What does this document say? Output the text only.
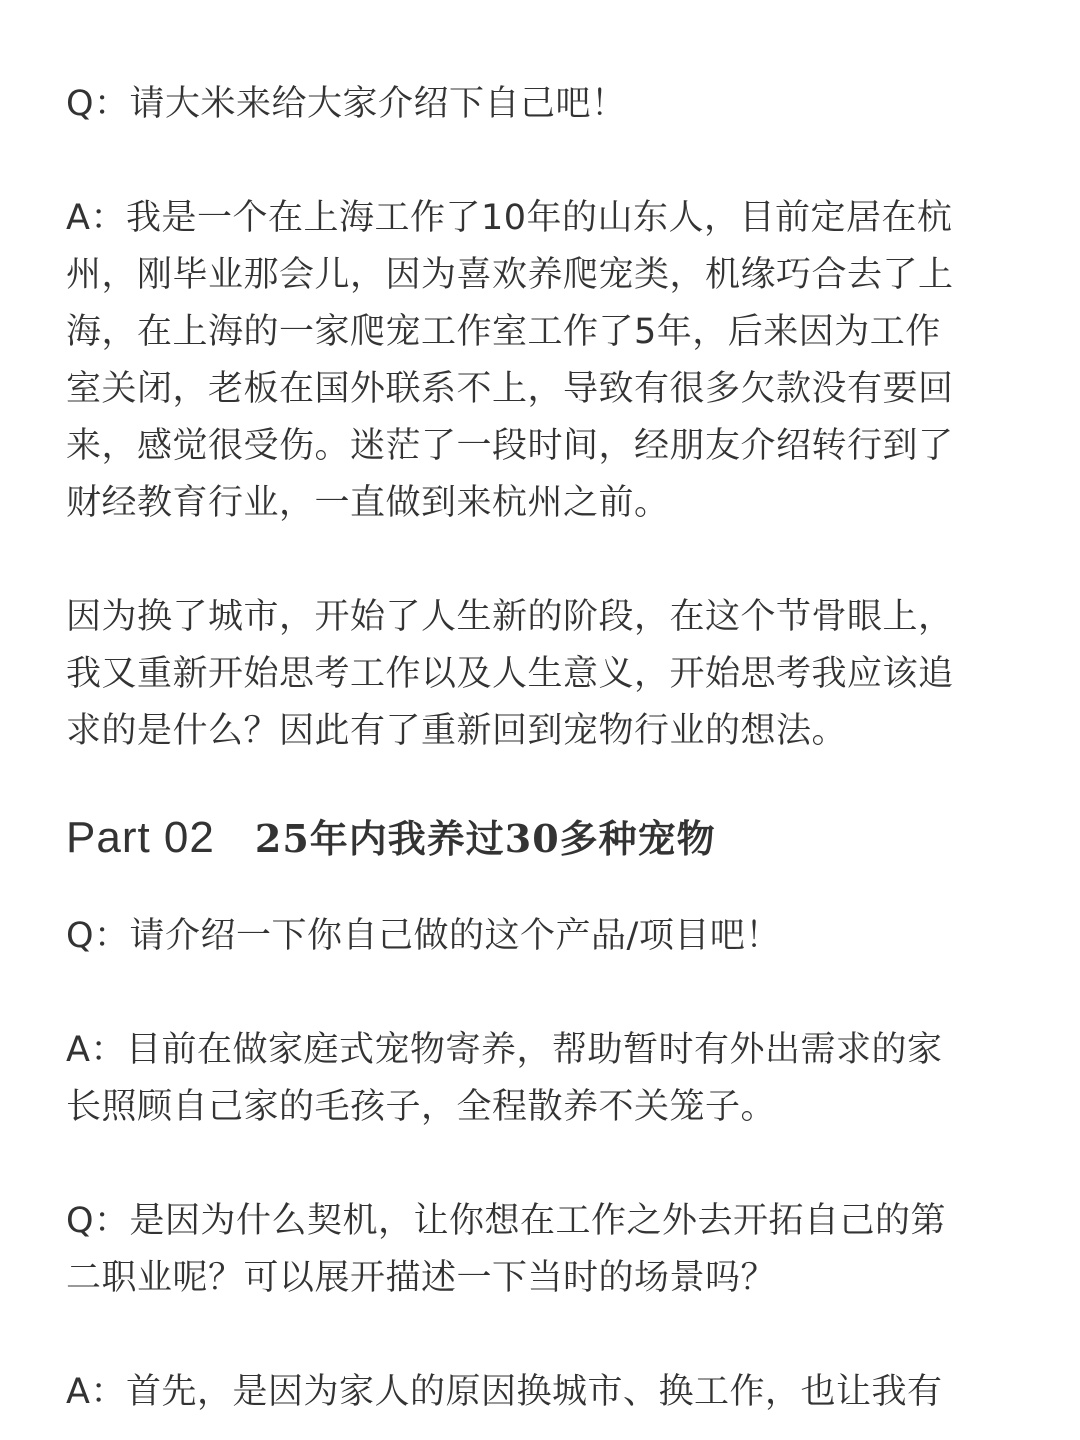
Q：请大米来给大家介绍下自己吧！

A：我是一个在上海工作了10年的山东人，目前定居在杭
州，刚毕业那会儿，因为喜欢养爬宠类，机缘巧合去了上
海，在上海的一家爬宠工作室工作了5年，后来因为工作
室关闭，老板在国外联系不上，导致有很多欠款没有要回
来，感觉很受伤。迷茫了一段时间，经朋友介绍转行到了
财经教育行业，一直做到来杭州之前。

因为换了城市，开始了人生新的阶段，在这个节骨眼上，
我又重新开始思考工作以及人生意义，开始思考我应该追
求的是什么？因此有了重新回到宠物行业的想法。

Part 02 25年内我养过30多种宠物

Q：请介绍一下你自己做的这个产品/项目吧！

A：目前在做家庭式宠物寄养，帮助暂时有外出需求的家
长照顾自己家的毛孩子，全程散养不关笼子。

Q：是因为什么契机，让你想在工作之外去开拓自己的第
二职业呢？可以展开描述一下当时的场景吗？

A：首先，是因为家人的原因换城市、换工作，也让我有
